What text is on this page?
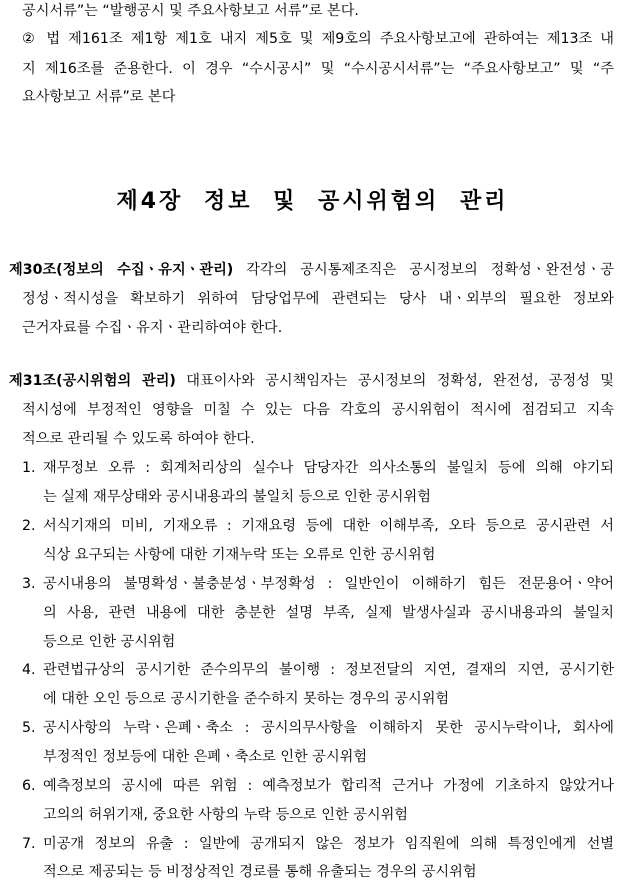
공시서류”는 “발행공시 및 주요사항보고 서류”로 본다.
② 법 제161조 제1항 제1호 내지 제5호 및 제9호의 주요사항보고에 관하여는 제13조 내
지 제16조를 준용한다. 이 경우 “수시공시” 및 “수시공시서류”는 “주요사항보고” 및 “주
요사항보고 서류”로 본다
제4장 정보 및 공시위험의 관리
제30조(정보의 수집ㆍ유지ㆍ관리) 각각의 공시통제조직은 공시정보의 정확성ㆍ완전성ㆍ공
정성ㆍ적시성을 확보하기 위하여 담당업무에 관련되는 당사 내ㆍ외부의 필요한 정보와
근거자료를 수집ㆍ유지ㆍ관리하여야 한다.
제31조(공시위험의 관리) 대표이사와 공시책임자는 공시정보의 정확성, 완전성, 공정성 및
적시성에 부정적인 영향을 미칠 수 있는 다음 각호의 공시위험이 적시에 점검되고 지속
적으로 관리될 수 있도록 하여야 한다.
1. 재무정보 오류 : 회계처리상의 실수나 담당자간 의사소통의 불일치 등에 의해 야기되
는 실제 재무상태와 공시내용과의 불일치 등으로 인한 공시위험
2. 서식기재의 미비, 기재오류 : 기재요령 등에 대한 이해부족, 오타 등으로 공시관련 서
식상 요구되는 사항에 대한 기재누락 또는 오류로 인한 공시위험
3. 공시내용의 불명확성ㆍ불충분성ㆍ부정확성 : 일반인이 이해하기 힘든 전문용어ㆍ약어
의 사용, 관련 내용에 대한 충분한 설명 부족, 실제 발생사실과 공시내용과의 불일치
등으로 인한 공시위험
4. 관련법규상의 공시기한 준수의무의 불이행 : 정보전달의 지연, 결재의 지연, 공시기한
에 대한 오인 등으로 공시기한을 준수하지 못하는 경우의 공시위험
5. 공시사항의 누락ㆍ은폐ㆍ축소 : 공시의무사항을 이해하지 못한 공시누락이나, 회사에
부정적인 정보등에 대한 은폐ㆍ축소로 인한 공시위험
6. 예측정보의 공시에 따른 위험 : 예측정보가 합리적 근거나 가정에 기초하지 않았거나
고의의 허위기재, 중요한 사항의 누락 등으로 인한 공시위험
7. 미공개 정보의 유출 : 일반에 공개되지 않은 정보가 임직원에 의해 특정인에게 선별
적으로 제공되는 등 비정상적인 경로를 통해 유출되는 경우의 공시위험
